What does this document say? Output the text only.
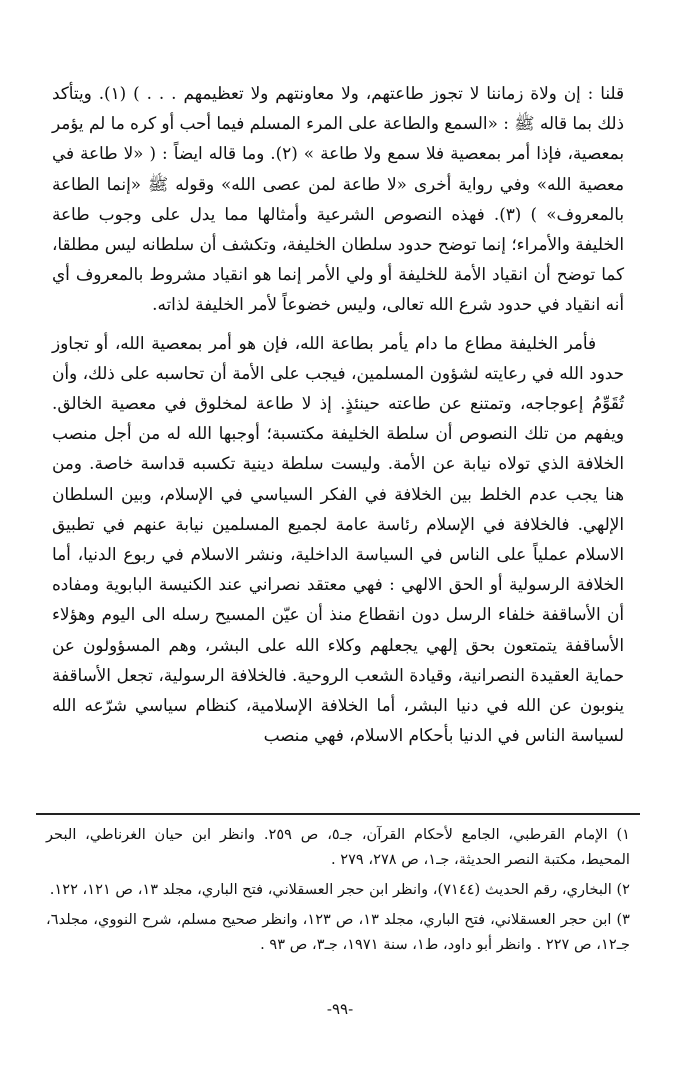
قلنا : إن ولاة زماننا لا تجوز طاعتهم، ولا معاونتهم ولا تعظيمهم . . . ) (١). ويتأكد ذلك بما قاله ﷺ : «السمع والطاعة على المرء المسلم فيما أحب أو كره ما لم يؤمر بمعصية، فإذا أمر بمعصية فلا سمع ولا طاعة » (٢). وما قاله ايضاً : ( «لا طاعة في معصية الله» وفي رواية أخرى «لا طاعة لمن عصى الله» وقوله ﷺ «إنما الطاعة بالمعروف» ) (٣). فهذه النصوص الشرعية وأمثالها مما يدل على وجوب طاعة الخليفة والأمراء؛ إنما توضح حدود سلطان الخليفة، وتكشف أن سلطانه ليس مطلقا، كما توضح أن انقياد الأمة للخليفة أو ولي الأمر إنما هو انقياد مشروط بالمعروف أي أنه انقياد في حدود شرع الله تعالى، وليس خضوعاً لأمر الخليفة لذاته.

فأمر الخليفة مطاع ما دام يأمر بطاعة الله، فإن هو أمر بمعصية الله، أو تجاوز حدود الله في رعايته لشؤون المسلمين، فيجب على الأمة أن تحاسبه على ذلك، وأن تُقَوِّمُ إعوجاجه، وتمتنع عن طاعته حينئذٍ. إذ لا طاعة لمخلوق في معصية الخالق. ويفهم من تلك النصوص أن سلطة الخليفة مكتسبة؛ أوجبها الله له من أجل منصب الخلافة الذي تولاه نيابة عن الأمة. وليست سلطة دينية تكسبه قداسة خاصة. ومن هنا يجب عدم الخلط بين الخلافة في الفكر السياسي في الإسلام، وبين السلطان الإلهي. فالخلافة في الإسلام رئاسة عامة لجميع المسلمين نيابة عنهم في تطبيق الاسلام عملياً على الناس في السياسة الداخلية، ونشر الاسلام في ربوع الدنيا، أما الخلافة الرسولية أو الحق الالهي : فهي معتقد نصراني عند الكنيسة البابوية ومفاده أن الأساقفة خلفاء الرسل دون انقطاع منذ أن عيّن المسيح رسله الى اليوم وهؤلاء الأساقفة يتمتعون بحق إلهي يجعلهم وكلاء الله على البشر، وهم المسؤولون عن حماية العقيدة النصرانية، وقيادة الشعب الروحية. فالخلافة الرسولية، تجعل الأساقفة ينوبون عن الله في دنيا البشر، أما الخلافة الإسلامية، كنظام سياسي شرّعه الله لسياسة الناس في الدنيا بأحكام الاسلام، فهي منصب

١) الإمام القرطبي، الجامع لأحكام القرآن، جـ٥، ص ٢٥٩. وانظر ابن حيان الغرناطي، البحر المحيط، مكتبة النصر الحديثة، جـ١، ص ٢٧٨، ٢٧٩ .

٢) البخاري، رقم الحديث (٧١٤٤)، وانظر ابن حجر العسقلاني، فتح الباري، مجلد ١٣، ص ١٢١، ١٢٢.

٣) ابن حجر العسقلاني، فتح الباري، مجلد ١٣، ص ١٢٣، وانظر صحيح مسلم، شرح النووي، مجلد٦، جـ١٢، ص ٢٢٧ . وانظر أبو داود، ط١، سنة ١٩٧١، جـ٣، ص ٩٣ .

-٩٩-
